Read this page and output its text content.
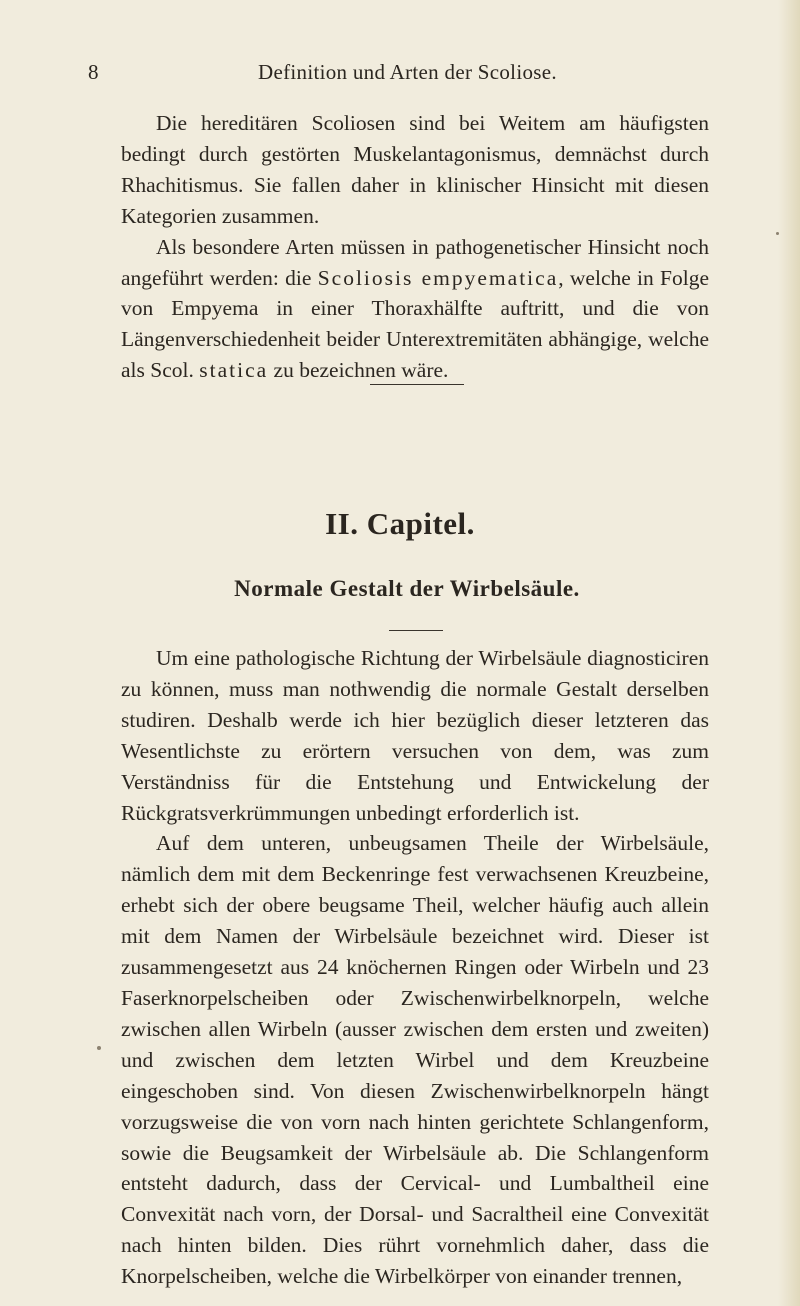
8	Definition und Arten der Scoliose.

Die hereditären Scoliosen sind bei Weitem am häufigsten bedingt durch gestörten Muskelantagonismus, demnächst durch Rhachitismus. Sie fallen daher in klinischer Hinsicht mit diesen Kategorien zusammen.

Als besondere Arten müssen in pathogenetischer Hinsicht noch angeführt werden: die Scoliosis empyematica, welche in Folge von Empyema in einer Thoraxhälfte auftritt, und die von Längenverschiedenheit beider Unterextremitäten abhängige, welche als Scol. statica zu bezeichnen wäre.

II. Capitel.
Normale Gestalt der Wirbelsäule.

Um eine pathologische Richtung der Wirbelsäule diagnosticiren zu können, muss man nothwendig die normale Gestalt derselben studiren. Deshalb werde ich hier bezüglich dieser letzteren das Wesentlichste zu erörtern versuchen von dem, was zum Verständniss für die Entstehung und Entwickelung der Rückgratsverkrümmungen unbedingt erforderlich ist.

Auf dem unteren, unbeugsamen Theile der Wirbelsäule, nämlich dem mit dem Beckenringe fest verwachsenen Kreuzbeine, erhebt sich der obere beugsame Theil, welcher häufig auch allein mit dem Namen der Wirbelsäule bezeichnet wird. Dieser ist zusammengesetzt aus 24 knöchernen Ringen oder Wirbeln und 23 Faserknorpelscheiben oder Zwischenwirbelknorpeln, welche zwischen allen Wirbeln (ausser zwischen dem ersten und zweiten) und zwischen dem letzten Wirbel und dem Kreuzbeine eingeschoben sind. Von diesen Zwischenwirbelknorpeln hängt vorzugsweise die von vorn nach hinten gerichtete Schlangenform, sowie die Beugsamkeit der Wirbelsäule ab. Die Schlangenform entsteht dadurch, dass der Cervical- und Lumbaltheil eine Convexität nach vorn, der Dorsal- und Sacraltheil eine Convexität nach hinten bilden. Dies rührt vornehmlich daher, dass die Knorpelscheiben, welche die Wirbelkörper von einander trennen,
